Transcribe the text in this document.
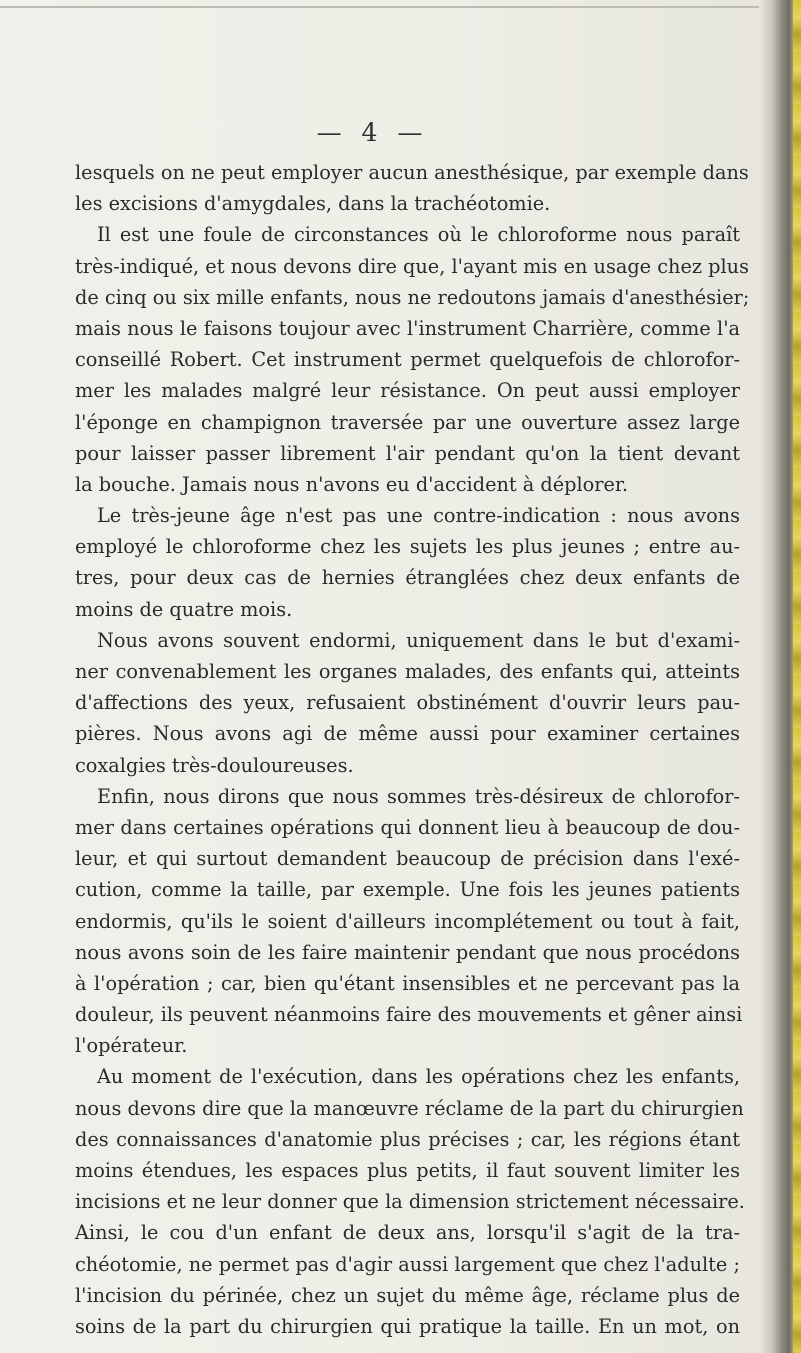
— 4 —
lesquels on ne peut employer aucun anesthésique, par exemple dans
les excisions d'amygdales, dans la trachéotomie.
Il est une foule de circonstances où le chloroforme nous paraît
très-indiqué, et nous devons dire que, l'ayant mis en usage chez plus
de cinq ou six mille enfants, nous ne redoutons jamais d'anesthésier;
mais nous le faisons toujour avec l'instrument Charrière, comme l'a
conseillé Robert. Cet instrument permet quelquefois de chlorofor-
mer les malades malgré leur résistance. On peut aussi employer
l'éponge en champignon traversée par une ouverture assez large
pour laisser passer librement l'air pendant qu'on la tient devant
la bouche. Jamais nous n'avons eu d'accident à déplorer.
Le très-jeune âge n'est pas une contre-indication : nous avons
employé le chloroforme chez les sujets les plus jeunes ; entre au-
tres, pour deux cas de hernies étranglées chez deux enfants de
moins de quatre mois.
Nous avons souvent endormi, uniquement dans le but d'exami-
ner convenablement les organes malades, des enfants qui, atteints
d'affections des yeux, refusaient obstinément d'ouvrir leurs pau-
pières. Nous avons agi de même aussi pour examiner certaines
coxalgies très-douloureuses.
Enfin, nous dirons que nous sommes très-désireux de chlorofor-
mer dans certaines opérations qui donnent lieu à beaucoup de dou-
leur, et qui surtout demandent beaucoup de précision dans l'exé-
cution, comme la taille, par exemple. Une fois les jeunes patients
endormis, qu'ils le soient d'ailleurs incomplétement ou tout à fait,
nous avons soin de les faire maintenir pendant que nous procédons
à l'opération ; car, bien qu'étant insensibles et ne percevant pas la
douleur, ils peuvent néanmoins faire des mouvements et gêner ainsi
l'opérateur.
Au moment de l'exécution, dans les opérations chez les enfants,
nous devons dire que la manœuvre réclame de la part du chirurgien
des connaissances d'anatomie plus précises ; car, les régions étant
moins étendues, les espaces plus petits, il faut souvent limiter les
incisions et ne leur donner que la dimension strictement nécessaire.
Ainsi, le cou d'un enfant de deux ans, lorsqu'il s'agit de la tra-
chéotomie, ne permet pas d'agir aussi largement que chez l'adulte ;
l'incision du périnée, chez un sujet du même âge, réclame plus de
soins de la part du chirurgien qui pratique la taille. En un mot, on
